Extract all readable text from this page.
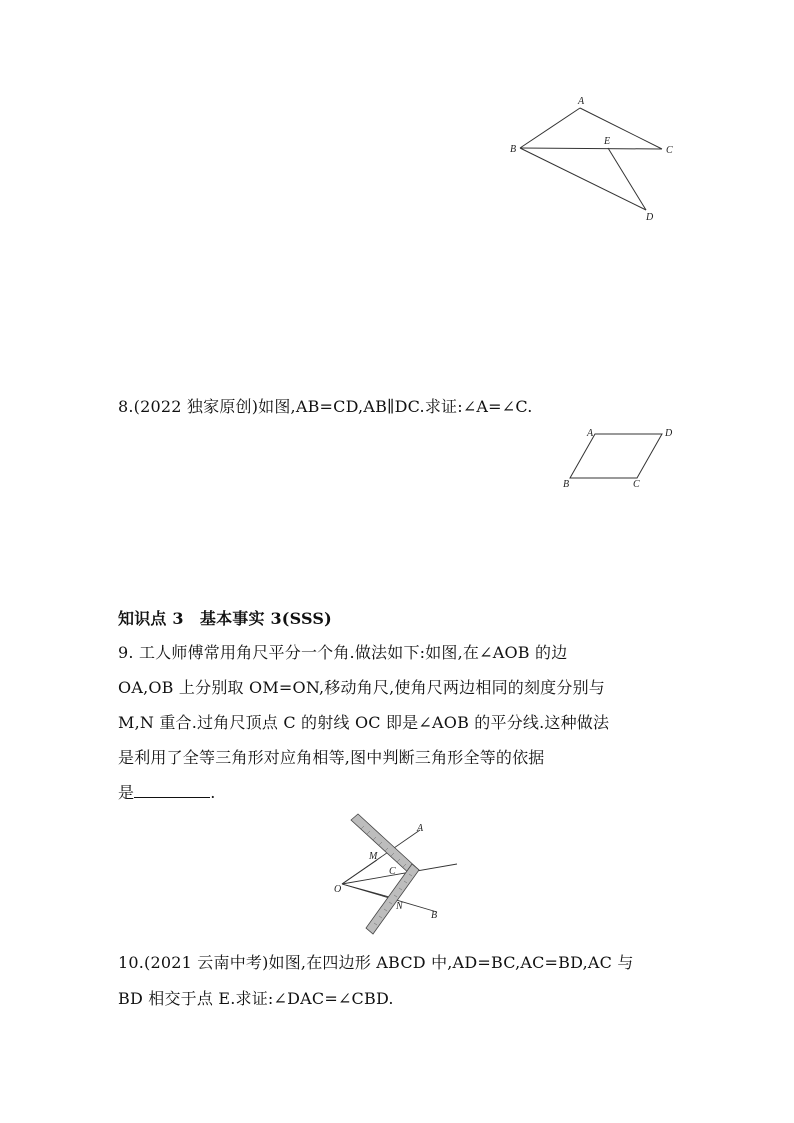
A
B	C
D
E
8.(2022 独家原创)如图,AB=CD,AB∥DC.求证:∠A=∠C.
A	D
B	C
知识点 3　基本事实 3(SSS)
9. 工人师傅常用角尺平分一个角.做法如下:如图,在∠AOB 的边
OA,OB 上分别取 OM=ON,移动角尺,使角尺两边相同的刻度分别与
M,N 重合.过角尺顶点 C 的射线 OC 即是∠AOB 的平分线.这种做法
是利用了全等三角形对应角相等,图中判断三角形全等的依据
是	.
A
M
C
O
N
B
10.(2021 云南中考)如图,在四边形 ABCD 中,AD=BC,AC=BD,AC 与
BD 相交于点 E.求证:∠DAC=∠CBD.
